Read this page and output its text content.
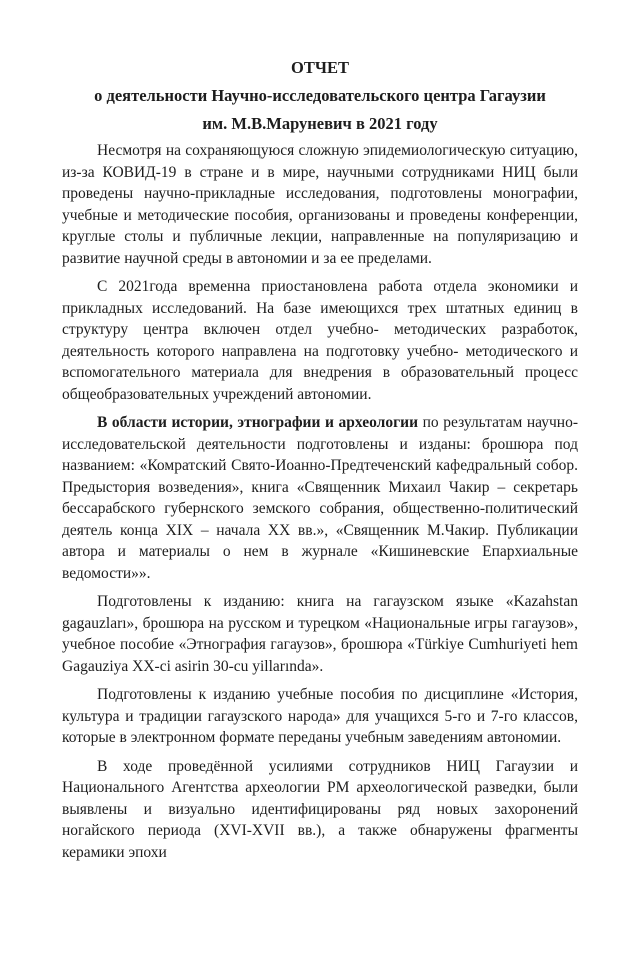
ОТЧЕТ
о деятельности Научно-исследовательского центра Гагаузии
им. М.В.Маруневич в 2021 году

Несмотря на сохраняющуюся сложную эпидемиологическую ситуацию, из-за КОВИД-19 в стране и в мире, научными сотрудниками НИЦ были проведены научно-прикладные исследования, подготовлены монографии, учебные и методические пособия, организованы и проведены конференции, круглые столы и публичные лекции, направленные на популяризацию и развитие научной среды в автономии и за ее пределами.

С 2021года временна приостановлена работа отдела экономики и прикладных исследований. На базе имеющихся трех штатных единиц в структуру центра включен отдел учебно- методических разработок, деятельность которого направлена на подготовку учебно- методического и вспомогательного материала для внедрения в образовательный процесс общеобразовательных учреждений автономии.

В области истории, этнографии и археологии по результатам научно-исследовательской деятельности подготовлены и изданы: брошюра под названием: «Комратский Свято-Иоанно-Предтеченский кафедральный собор. Предыстория возведения», книга «Священник Михаил Чакир – секретарь бессарабского губернского земского собрания, общественно-политический деятель конца XIX – начала XX вв.», «Священник М.Чакир. Публикации автора и материалы о нем в журнале «Кишиневские Епархиальные ведомости»».

Подготовлены к изданию: книга на гагаузском языке «Kazahstan gagauzları», брошюра на русском и турецком «Национальные игры гагаузов», учебное пособие «Этнография гагаузов», брошюра «Türkiye Cumhuriyeti hem Gagauziya XX-ci asirin 30-cu yillarında».

Подготовлены к изданию учебные пособия по дисциплине «История, культура и традиции гагаузского народа» для учащихся 5-го и 7-го классов, которые в электронном формате переданы учебным заведениям автономии.

В ходе проведённой усилиями сотрудников НИЦ Гагаузии и Национального Агентства археологии РМ археологической разведки, были выявлены и визуально идентифицированы ряд новых захоронений ногайского периода (XVI-XVII вв.), а также обнаружены фрагменты керамики эпохи
